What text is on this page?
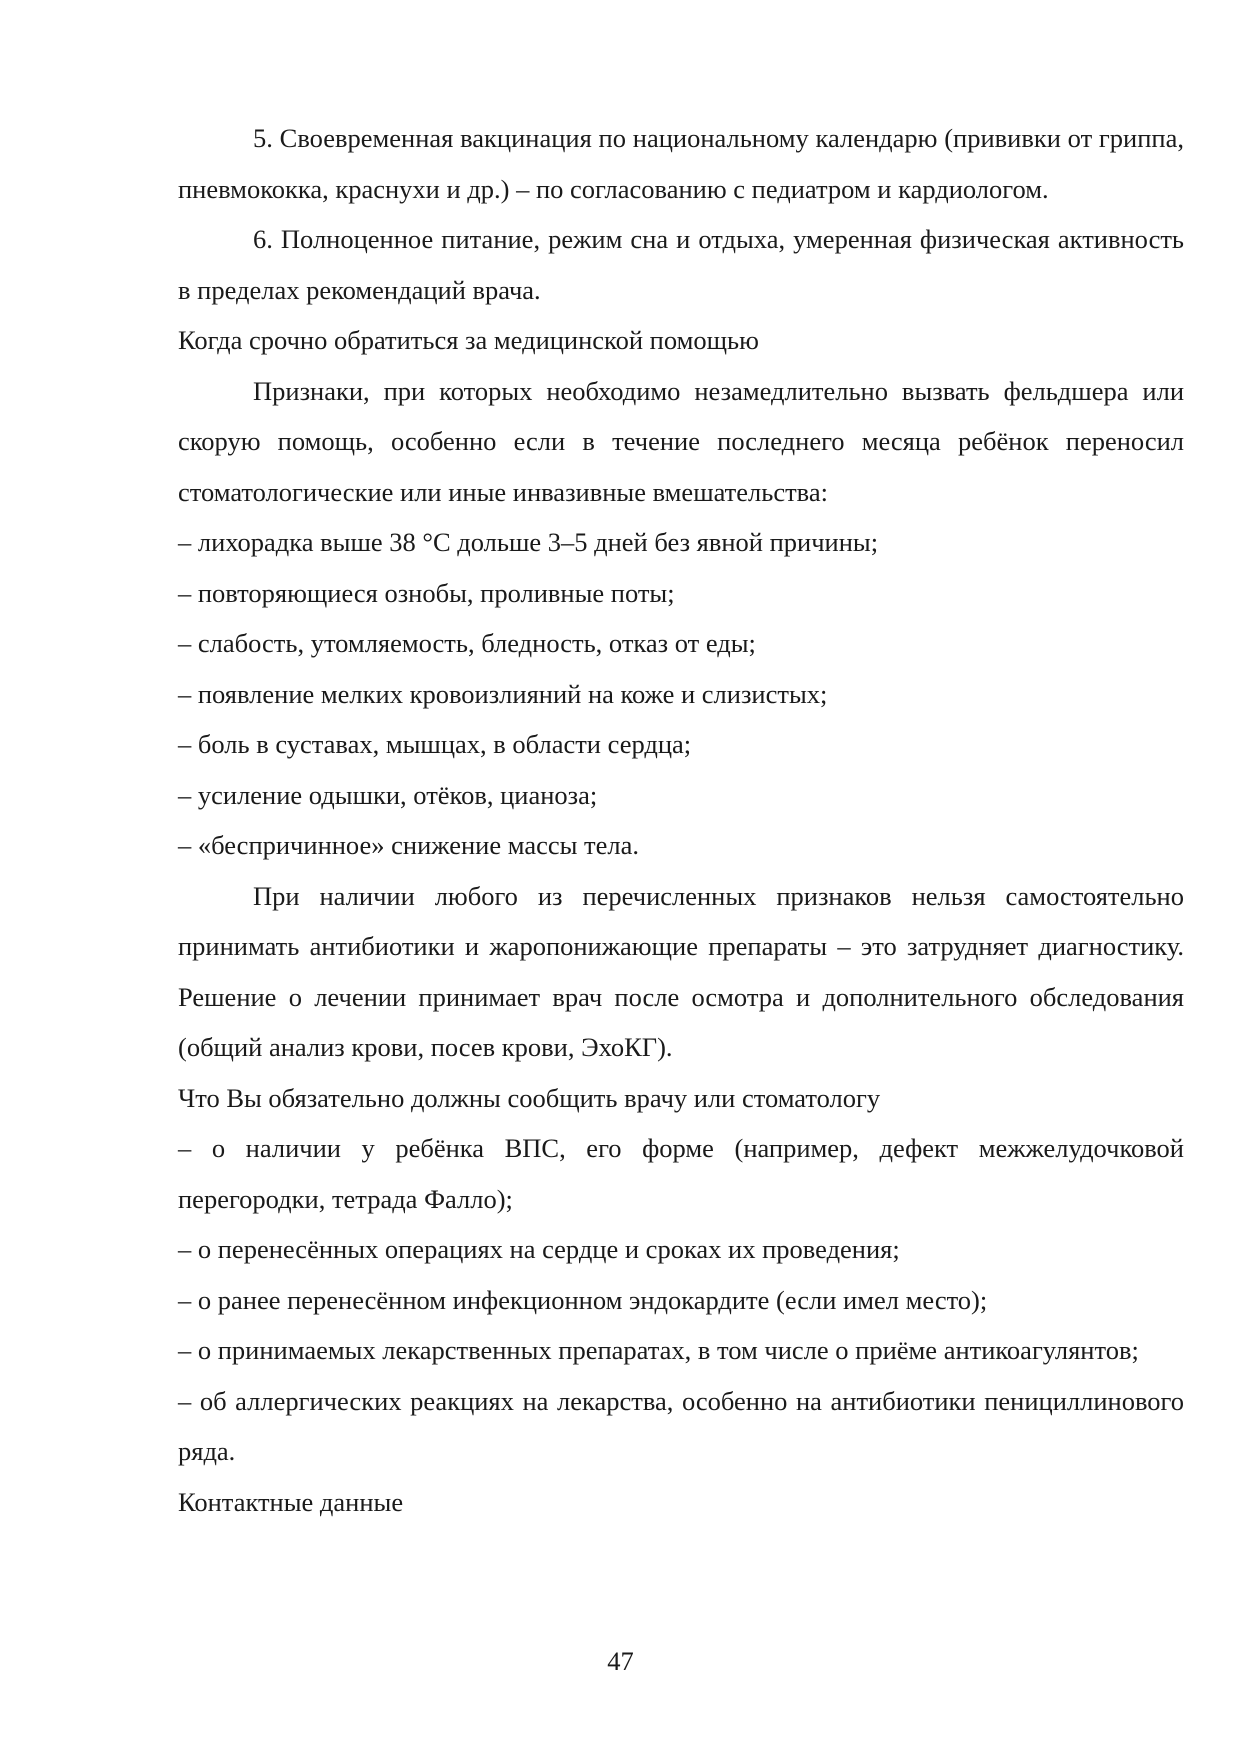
5. Своевременная вакцинация по национальному календарю (прививки от гриппа, пневмококка, краснухи и др.) – по согласованию с педиатром и кардиологом.

6. Полноценное питание, режим сна и отдыха, умеренная физическая активность в пределах рекомендаций врача.

Когда срочно обратиться за медицинской помощью

Признаки, при которых необходимо незамедлительно вызвать фельдшера или скорую помощь, особенно если в течение последнего месяца ребёнок переносил стоматологические или иные инвазивные вмешательства:

– лихорадка выше 38 °С дольше 3–5 дней без явной причины;

– повторяющиеся ознобы, проливные поты;

– слабость, утомляемость, бледность, отказ от еды;

– появление мелких кровоизлияний на коже и слизистых;

– боль в суставах, мышцах, в области сердца;

– усиление одышки, отёков, цианоза;

– «беспричинное» снижение массы тела.

При наличии любого из перечисленных признаков нельзя самостоятельно принимать антибиотики и жаропонижающие препараты – это затрудняет диагностику. Решение о лечении принимает врач после осмотра и дополнительного обследования (общий анализ крови, посев крови, ЭхоКГ).

Что Вы обязательно должны сообщить врачу или стоматологу

– о наличии у ребёнка ВПС, его форме (например, дефект межжелудочковой перегородки, тетрада Фалло);

– о перенесённых операциях на сердце и сроках их проведения;

– о ранее перенесённом инфекционном эндокардите (если имел место);

– о принимаемых лекарственных препаратах, в том числе о приёме антикоагулянтов;

– об аллергических реакциях на лекарства, особенно на антибиотики пенициллинового ряда.

Контактные данные

47
